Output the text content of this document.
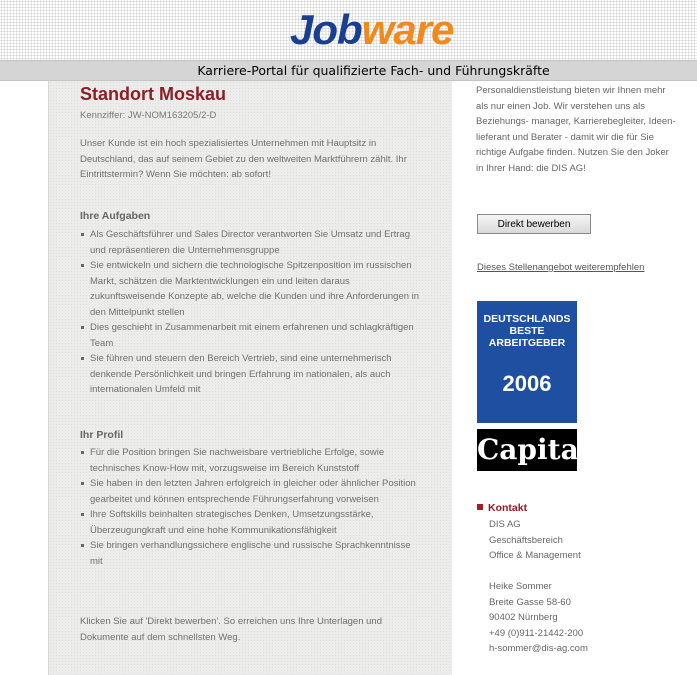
Jobware
Karriere-Portal für qualifizierte Fach- und Führungskräfte
Standort Moskau
Kennziffer: JW-NOM163205/2-D
Unser Kunde ist ein hoch spezialisiertes Unternehmen mit Hauptsitz in Deutschland, das auf seinem Gebiet zu den weltweiten Marktführern zählt. Ihr Eintrittstermin? Wenn Sie möchten: ab sofort!
Ihre Aufgaben
Als Geschäftsführer und Sales Director verantworten Sie Umsatz und Ertrag und repräsentieren die Unternehmensgruppe
Sie entwickeln und sichern die technologische Spitzenposition im russischen Markt, schätzen die Marktentwicklungen ein und leiten daraus zukunftsweisende Konzepte ab, welche die Kunden und ihre Anforderungen in den Mittelpunkt stellen
Dies geschieht in Zusammenarbeit mit einem erfahrenen und schlagkräftigen Team
Sie führen und steuern den Bereich Vertrieb, sind eine unternehmerisch denkende Persönlichkeit und bringen Erfahrung im nationalen, als auch internationalen Umfeld mit
Ihr Profil
Für die Position bringen Sie nachweisbare vertriebliche Erfolge, sowie technisches Know-How mit, vorzugsweise im Bereich Kunststoff
Sie haben in den letzten Jahren erfolgreich in gleicher oder ähnlicher Position gearbeitet und können entsprechende Führungserfahrung vorweisen
Ihre Softskills beinhalten strategisches Denken, Umsetzungsstärke, Überzeugungkraft und eine hohe Kommunikationsfähigkeit
Sie bringen verhandlungssichere englische und russische Sprachkenntnisse mit
Klicken Sie auf 'Direkt bewerben'. So erreichen uns Ihre Unterlagen und Dokumente auf dem schnellsten Weg.
Personaldienstleistung bieten wir Ihnen mehr als nur einen Job. Wir verstehen uns als Beziehungs- manager, Karrierebegleiter, Ideen- lieferant und Berater - damit wir die für Sie richtige Aufgabe finden. Nutzen Sie den Joker in Ihrer Hand: die DIS AG!
Direkt bewerben
Dieses Stellenangebot weiterempfehlen
DEUTSCHLANDS
BESTE
ARBEITGEBER
2006
Capital
Kontakt
DIS AG
Geschäftsbereich
Office & Management
Heike Sommer
Breite Gasse 58-60
90402 Nürnberg
+49 (0)911-21442-200
h-sommer@dis-ag.com
